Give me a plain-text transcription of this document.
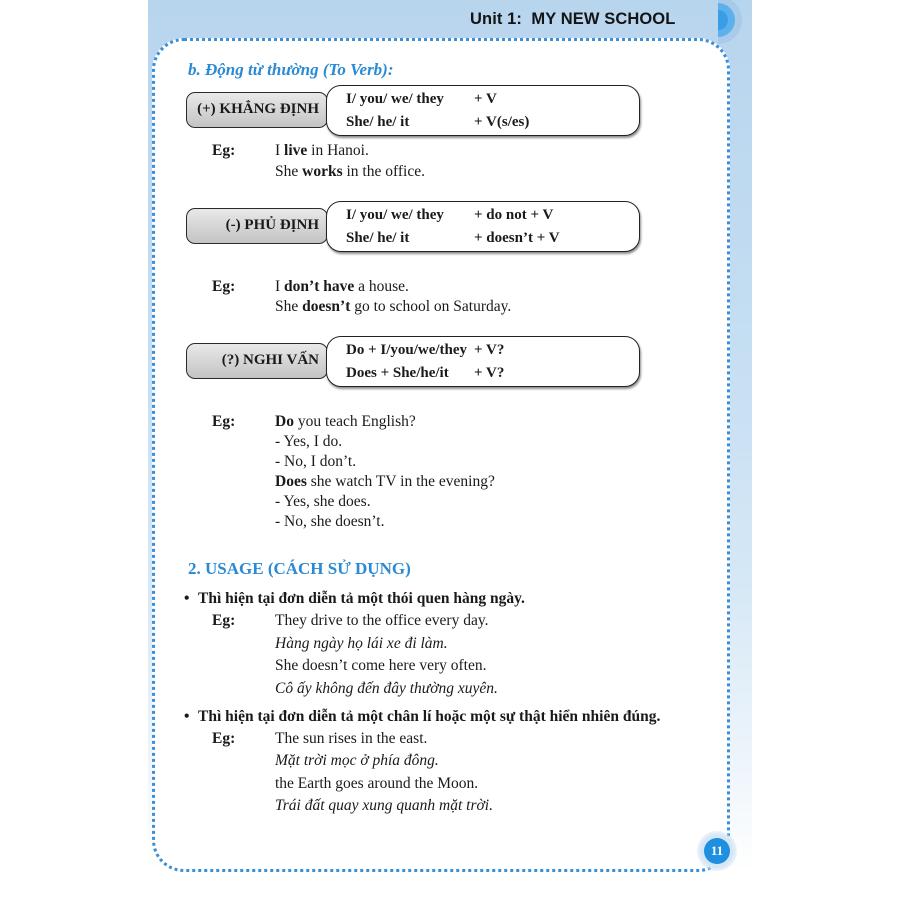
Unit 1:  MY NEW SCHOOL
b. Động từ thường (To Verb):
(+) KHẲNG ĐỊNH
I/ you/ we/ they + V
She/ he/ it	+ V(s/es)
Eg:	I live in Hanoi.
She works in the office.
(-) PHỦ ĐỊNH
I/ you/ we/ they + do not + V
She/ he/ it	+ doesn’t + V
Eg:	I don’t have a house.
She doesn’t go to school on Saturday.
(?) NGHI VẤN
Do + I/you/we/they + V?
Does + She/he/it + V?
Eg:	Do you teach English?
- Yes, I do.
- No, I don’t.
Does she watch TV in the evening?
- Yes, she does.
- No, she doesn’t.
2. USAGE (CÁCH SỬ DỤNG)
• Thì hiện tại đơn diễn tả một thói quen hàng ngày.
Eg:	They drive to the office every day.
Hàng ngày họ lái xe đi làm.
She doesn’t come here very often.
Cô ấy không đến đây thường xuyên.
• Thì hiện tại đơn diễn tả một chân lí hoặc một sự thật hiển nhiên đúng.
Eg:	The sun rises in the east.
Mặt trời mọc ở phía đông.
the Earth goes around the Moon.
Trái đất quay xung quanh mặt trời.
11
